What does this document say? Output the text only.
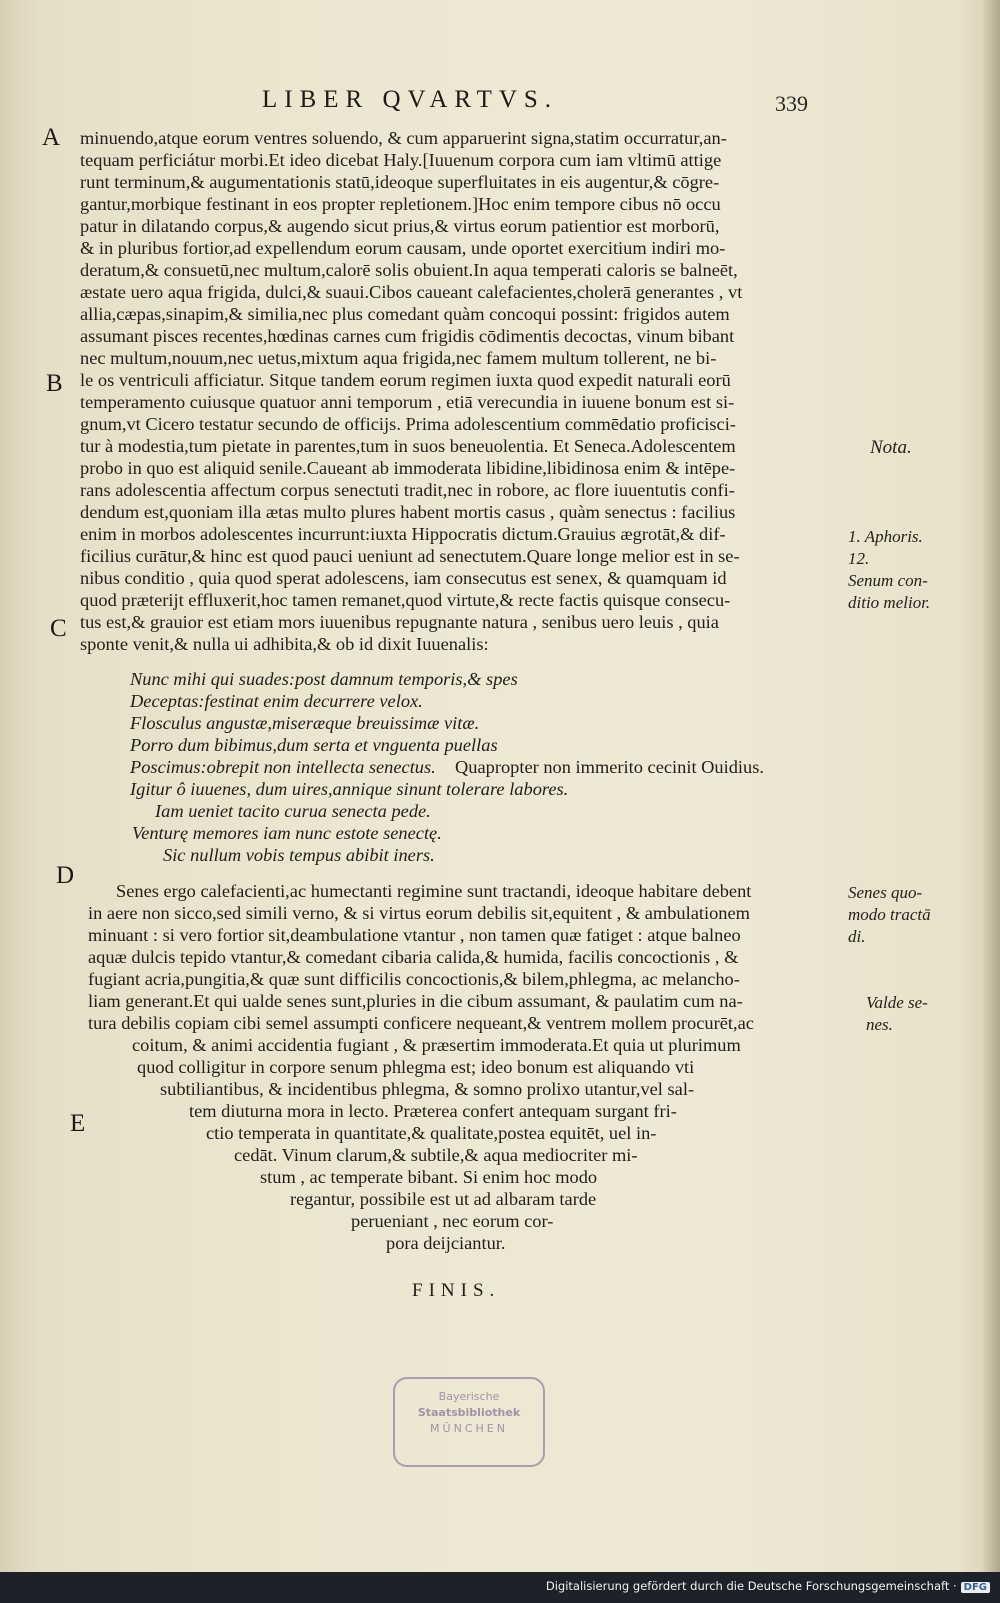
LIBER QVARTVS.	339
A
B
C
D
E
minuendo,atque eorum ventres soluendo, & cum apparuerint signa,statim occurratur,an-
tequam perficiátur morbi.Et ideo dicebat Haly.[Iuuenum corpora cum iam vltimū attige
runt terminum,& augumentationis statū,ideoque superfluitates in eis augentur,& cōgre-
gantur,morbique festinant in eos propter repletionem.]Hoc enim tempore cibus nō occu
patur in dilatando corpus,& augendo sicut prius,& virtus eorum patientior est morborū,
& in pluribus fortior,ad expellendum eorum causam, unde oportet exercitium indiri mo-
deratum,& consuetū,nec multum,calorē solis obuient.In aqua temperati caloris se balneēt,
æstate uero aqua frigida, dulci,& suaui.Cibos caueant calefacientes,cholerā generantes , vt
allia,cæpas,sinapim,& similia,nec plus comedant quàm concoqui possint: frigidos autem
assumant pisces recentes,hœdinas carnes cum frigidis cōdimentis decoctas, vinum bibant
nec multum,nouum,nec uetus,mixtum aqua frigida,nec famem multum tollerent, ne bi-
le os ventriculi afficiatur. Sitque tandem eorum regimen iuxta quod expedit naturali eorū
temperamento cuiusque quatuor anni temporum , etiā verecundia in iuuene bonum est si-
gnum,vt Cicero testatur secundo de officijs. Prima adolescentium commēdatio proficisci-
tur à modestia,tum pietate in parentes,tum in suos beneuolentia. Et Seneca.Adolescentem
probo in quo est aliquid senile.Caueant ab immoderata libidine,libidinosa enim & intēpe-
rans adolescentia affectum corpus senectuti tradit,nec in robore, ac flore iuuentutis confi-
dendum est,quoniam illa ætas multo plures habent mortis casus , quàm senectus : facilius
enim in morbos adolescentes incurrunt:iuxta Hippocratis dictum.Grauius ægrotāt,& dif-
ficilius curātur,& hinc est quod pauci ueniunt ad senectutem.Quare longe melior est in se-
nibus conditio , quia quod sperat adolescens, iam consecutus est senex, & quamquam id
quod præterijt effluxerit,hoc tamen remanet,quod virtute,& recte factis quisque consecu-
tus est,& grauior est etiam mors iuuenibus repugnante natura , senibus uero leuis , quia
sponte venit,& nulla ui adhibita,& ob id dixit Iuuenalis:
Nunc mihi qui suades:post damnum temporis,& spes
Deceptas:festinat enim decurrere velox.
Flosculus angustæ,miseræque breuissimæ vitæ.
Porro dum bibimus,dum serta et vnguenta puellas
Poscimus:obrepit non intellecta senectus. Quapropter non immerito cecinit Ouidius.
Igitur ô iuuenes, dum uires,annique sinunt tolerare labores.
Iam ueniet tacito curua senecta pede.
Venturę memores iam nunc estote senectę.
Sic nullum vobis tempus abibit iners.
Senes ergo calefacienti,ac humectanti regimine sunt tractandi, ideoque habitare debent
in aere non sicco,sed simili verno, & si virtus eorum debilis sit,equitent , & ambulationem
minuant : si vero fortior sit,deambulatione vtantur , non tamen quæ fatiget : atque balneo
aquæ dulcis tepido vtantur,& comedant cibaria calida,& humida, facilis concoctionis , &
fugiant acria,pungitia,& quæ sunt difficilis concoctionis,& bilem,phlegma, ac melancho-
liam generant.Et qui ualde senes sunt,pluries in die cibum assumant, & paulatim cum na-
tura debilis copiam cibi semel assumpti conficere nequeant,& ventrem mollem procurēt,ac
coitum, & animi accidentia fugiant , & præsertim immoderata.Et quia ut plurimum
quod colligitur in corpore senum phlegma est; ideo bonum est aliquando vti
subtiliantibus, & incidentibus phlegma, & somno prolixo utantur,vel sal-
tem diuturna mora in lecto. Præterea confert antequam surgant fri-
ctio temperata in quantitate,& qualitate,postea equitēt, uel in-
cedāt. Vinum clarum,& subtile,& aqua mediocriter mi-
stum , ac temperate bibant. Si enim hoc modo
regantur, possibile est ut ad albaram tarde
perueniant , nec eorum cor-
pora deijciantur.
Nota.
1. Aphoris.
12.
Senum con-
ditio melior.
Senes quo-
modo tractā
di.
Valde se-
nes.
FINIS.
Bayerische
Staatsbibliothek
MÜNCHEN
Digitalisierung gefördert durch die Deutsche Forschungsgemeinschaft · DFG
